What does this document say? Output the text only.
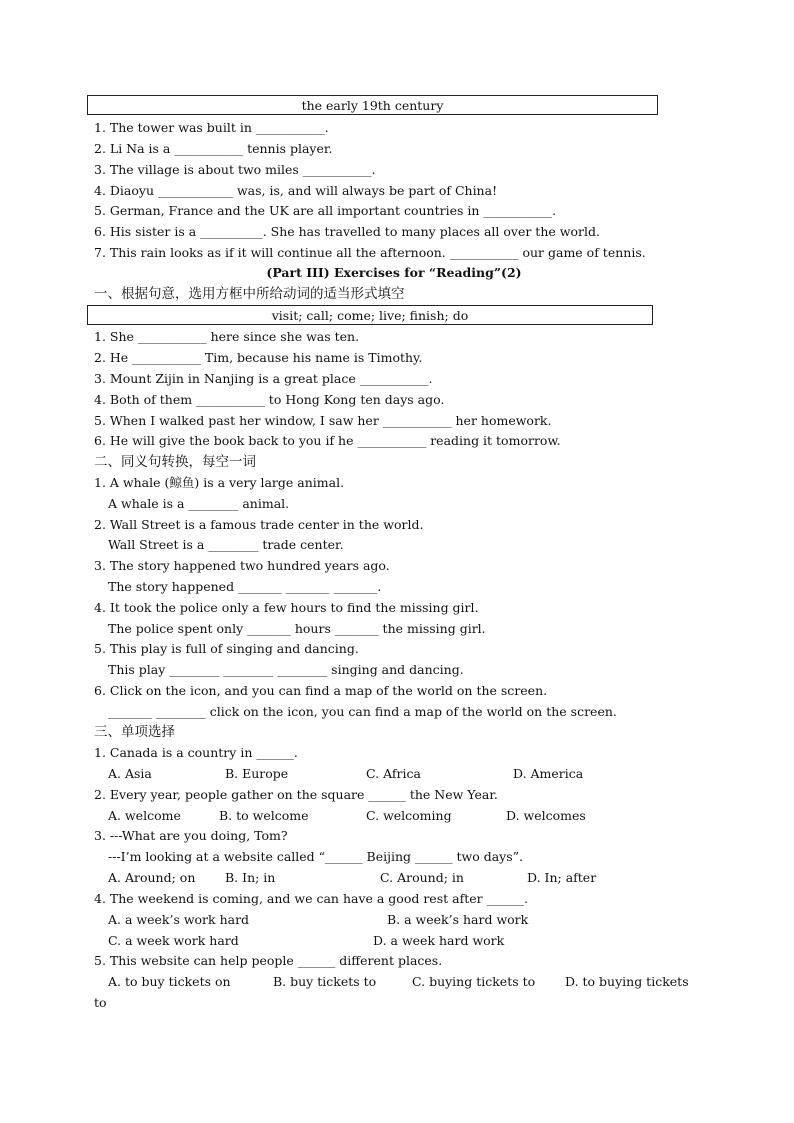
the early 19th century
1. The tower was built in ___________.
2. Li Na is a ___________ tennis player.
3. The village is about two miles ___________.
4. Diaoyu ____________ was, is, and will always be part of China!
5. German, France and the UK are all important countries in ___________.
6. His sister is a __________. She has travelled to many places all over the world.
7. This rain looks as if it will continue all the afternoon. ___________ our game of tennis.
(Part III) Exercises for “Reading”(2)
一、根据句意，选用方框中所给动词的适当形式填空
visit; call; come; live; finish; do
1. She ___________ here since she was ten.
2. He ___________ Tim, because his name is Timothy.
3. Mount Zijin in Nanjing is a great place ___________.
4. Both of them ___________ to Hong Kong ten days ago.
5. When I walked past her window, I saw her ___________ her homework.
6. He will give the book back to you if he ___________ reading it tomorrow.
二、同义句转换，每空一词
1. A whale (鲸鱼) is a very large animal.
A whale is a ________ animal.
2. Wall Street is a famous trade center in the world.
Wall Street is a ________ trade center.
3. The story happened two hundred years ago.
The story happened _______ _______ _______.
4. It took the police only a few hours to find the missing girl.
The police spent only _______ hours _______ the missing girl.
5. This play is full of singing and dancing.
This play ________ ________ ________ singing and dancing.
6. Click on the icon, and you can find a map of the world on the screen.
_______ ________ click on the icon, you can find a map of the world on the screen.
三、单项选择
1. Canada is a country in ______.
A. Asia	B. Europe	C. Africa	D. America
2. Every year, people gather on the square ______ the New Year.
A. welcome	B. to welcome	C. welcoming	D. welcomes
3. ---What are you doing, Tom?
---I’m looking at a website called “______ Beijing ______ two days”.
A. Around; on B. In; in	C. Around; in	D. In; after
4. The weekend is coming, and we can have a good rest after ______.
A. a week’s work hard	B. a week’s hard work
C. a week work hard	D. a week hard work
5. This website can help people ______ different places.
A. to buy tickets on	B. buy tickets to	C. buying tickets to D. to buying tickets
to
